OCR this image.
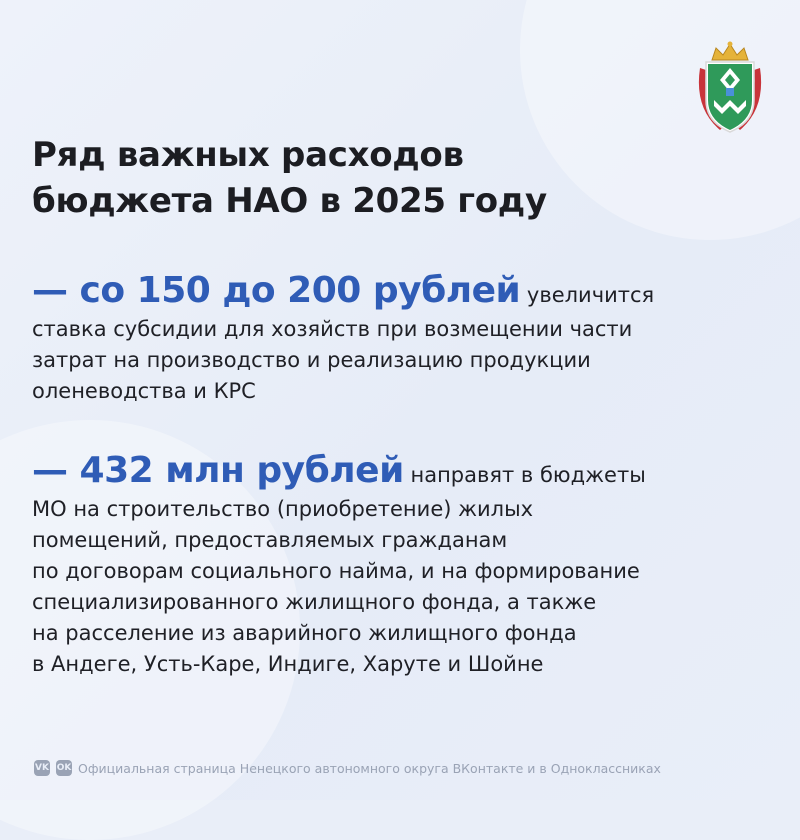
Ряд важных расходов
бюджета НАО в 2025 году
— со 150 до 200 рублей увеличится
ставка субсидии для хозяйств при возмещении части
затрат на производство и реализацию продукции
оленеводства и КРС
— 432 млн рублей направят в бюджеты
МО на строительство (приобретение) жилых
помещений, предоставляемых гражданам
по договорам социального найма, и на формирование
специализированного жилищного фонда, а также
на расселение из аварийного жилищного фонда
в Андеге, Усть-Каре, Индиге, Харуте и Шойне
VK OK Официальная страница Ненецкого автономного округа ВКонтакте и в Одноклассниках
